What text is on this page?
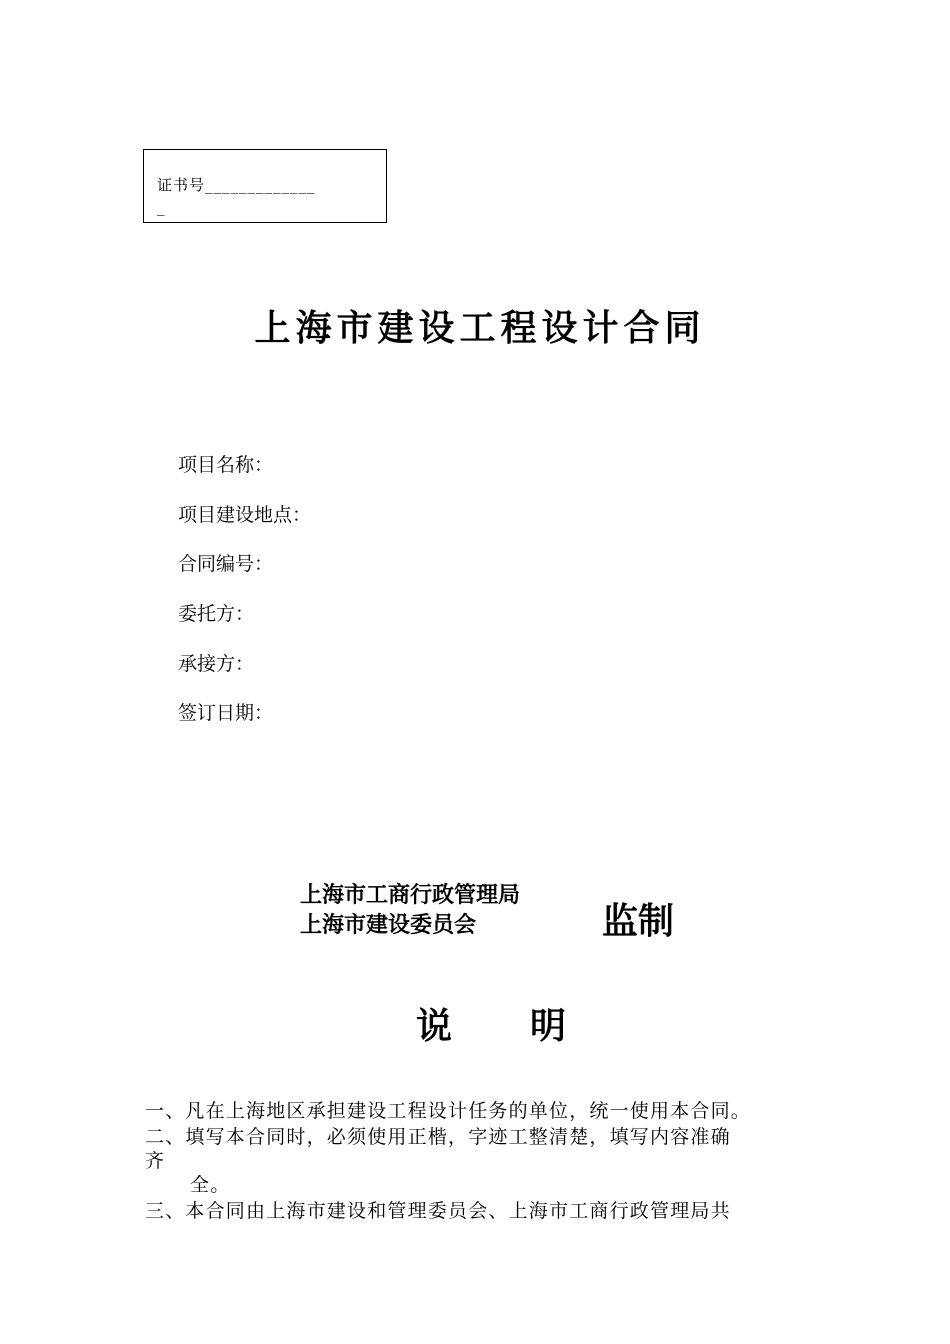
证书号_____________
_
上海市建设工程设计合同
项目名称：
项目建设地点：
合同编号：
委托方：
承接方：
签订日期：
上海市工商行政管理局
上海市建设委员会	监制
说 明
一、凡在上海地区承担建设工程设计任务的单位，统一使用本合同。
二、填写本合同时，必须使用正楷，字迹工整清楚，填写内容准确
齐
全。
三、本合同由上海市建设和管理委员会、上海市工商行政管理局共
